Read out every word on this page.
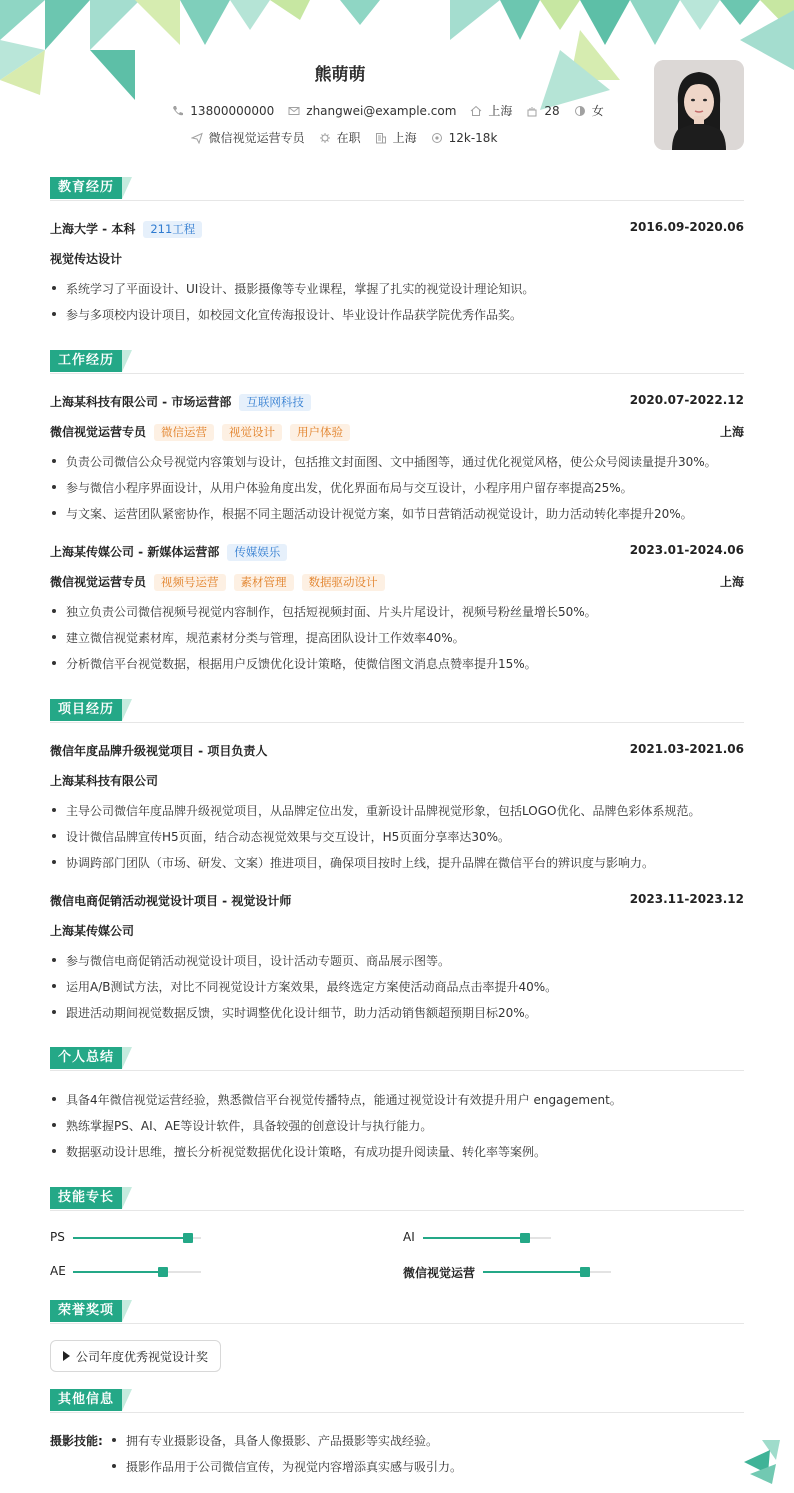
熊萌萌
13800000000	zhangwei@example.com	上海	28	女
微信视觉运营专员	在职	上海	12k-18k
教育经历
上海大学 - 本科 211工程	2016.09-2020.06
视觉传达设计
系统学习了平面设计、UI设计、摄影摄像等专业课程，掌握了扎实的视觉设计理论知识。
参与多项校内设计项目，如校园文化宣传海报设计、毕业设计作品获学院优秀作品奖。
工作经历
上海某科技有限公司 - 市场运营部 互联网科技	2020.07-2022.12
微信视觉运营专员 微信运营 视觉设计 用户体验	上海
负责公司微信公众号视觉内容策划与设计，包括推文封面图、文中插图等，通过优化视觉风格，使公众号阅读量提升30%。
参与微信小程序界面设计，从用户体验角度出发，优化界面布局与交互设计，小程序用户留存率提高25%。
与文案、运营团队紧密协作，根据不同主题活动设计视觉方案，如节日营销活动视觉设计，助力活动转化率提升20%。
上海某传媒公司 - 新媒体运营部 传媒娱乐	2023.01-2024.06
微信视觉运营专员 视频号运营 素材管理 数据驱动设计	上海
独立负责公司微信视频号视觉内容制作，包括短视频封面、片头片尾设计，视频号粉丝量增长50%。
建立微信视觉素材库，规范素材分类与管理，提高团队设计工作效率40%。
分析微信平台视觉数据，根据用户反馈优化设计策略，使微信图文消息点赞率提升15%。
项目经历
微信年度品牌升级视觉项目 - 项目负责人	2021.03-2021.06
上海某科技有限公司
主导公司微信年度品牌升级视觉项目，从品牌定位出发，重新设计品牌视觉形象，包括LOGO优化、品牌色彩体系规范。
设计微信品牌宣传H5页面，结合动态视觉效果与交互设计，H5页面分享率达30%。
协调跨部门团队（市场、研发、文案）推进项目，确保项目按时上线，提升品牌在微信平台的辨识度与影响力。
微信电商促销活动视觉设计项目 - 视觉设计师	2023.11-2023.12
上海某传媒公司
参与微信电商促销活动视觉设计项目，设计活动专题页、商品展示图等。
运用A/B测试方法，对比不同视觉设计方案效果，最终选定方案使活动商品点击率提升40%。
跟进活动期间视觉数据反馈，实时调整优化设计细节，助力活动销售额超预期目标20%。
个人总结
具备4年微信视觉运营经验，熟悉微信平台视觉传播特点，能通过视觉设计有效提升用户 engagement。
熟练掌握PS、AI、AE等设计软件，具备较强的创意设计与执行能力。
数据驱动设计思维，擅长分析视觉数据优化设计策略，有成功提升阅读量、转化率等案例。
技能专长
PS	AI
AE	微信视觉运营
荣誉奖项
公司年度优秀视觉设计奖
其他信息
摄影技能:	拥有专业摄影设备，具备人像摄影、产品摄影等实战经验。
摄影作品用于公司微信宣传，为视觉内容增添真实感与吸引力。
